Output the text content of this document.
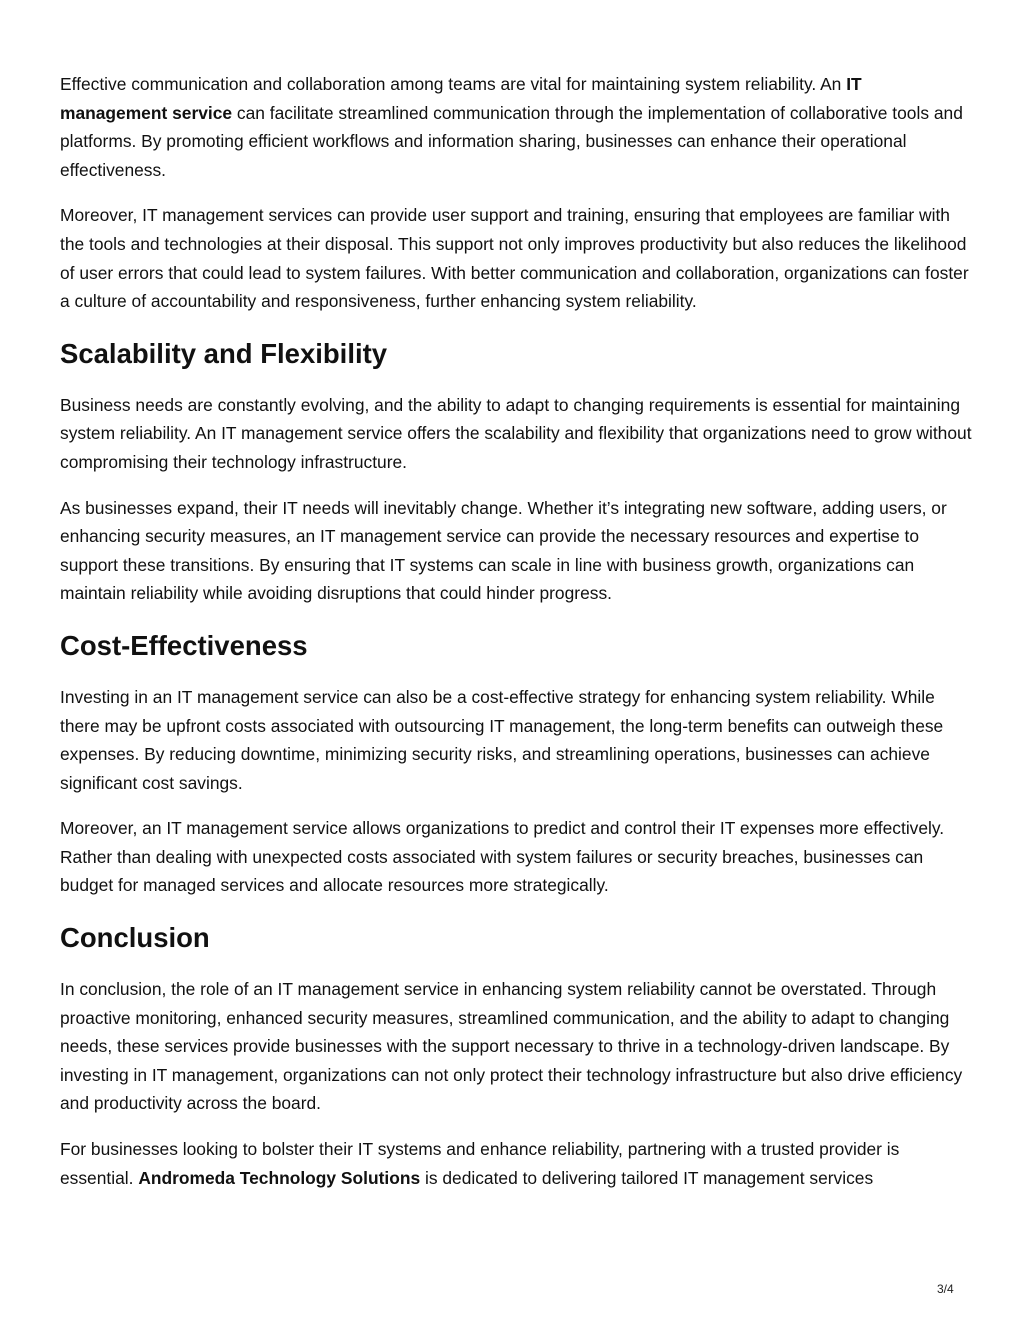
Effective communication and collaboration among teams are vital for maintaining system reliability. An IT management service can facilitate streamlined communication through the implementation of collaborative tools and platforms. By promoting efficient workflows and information sharing, businesses can enhance their operational effectiveness.

Moreover, IT management services can provide user support and training, ensuring that employees are familiar with the tools and technologies at their disposal. This support not only improves productivity but also reduces the likelihood of user errors that could lead to system failures. With better communication and collaboration, organizations can foster a culture of accountability and responsiveness, further enhancing system reliability.

Scalability and Flexibility

Business needs are constantly evolving, and the ability to adapt to changing requirements is essential for maintaining system reliability. An IT management service offers the scalability and flexibility that organizations need to grow without compromising their technology infrastructure.

As businesses expand, their IT needs will inevitably change. Whether it’s integrating new software, adding users, or enhancing security measures, an IT management service can provide the necessary resources and expertise to support these transitions. By ensuring that IT systems can scale in line with business growth, organizations can maintain reliability while avoiding disruptions that could hinder progress.

Cost-Effectiveness

Investing in an IT management service can also be a cost-effective strategy for enhancing system reliability. While there may be upfront costs associated with outsourcing IT management, the long-term benefits can outweigh these expenses. By reducing downtime, minimizing security risks, and streamlining operations, businesses can achieve significant cost savings.

Moreover, an IT management service allows organizations to predict and control their IT expenses more effectively. Rather than dealing with unexpected costs associated with system failures or security breaches, businesses can budget for managed services and allocate resources more strategically.

Conclusion

In conclusion, the role of an IT management service in enhancing system reliability cannot be overstated. Through proactive monitoring, enhanced security measures, streamlined communication, and the ability to adapt to changing needs, these services provide businesses with the support necessary to thrive in a technology-driven landscape. By investing in IT management, organizations can not only protect their technology infrastructure but also drive efficiency and productivity across the board.

For businesses looking to bolster their IT systems and enhance reliability, partnering with a trusted provider is essential. Andromeda Technology Solutions is dedicated to delivering tailored IT management services

3/4
